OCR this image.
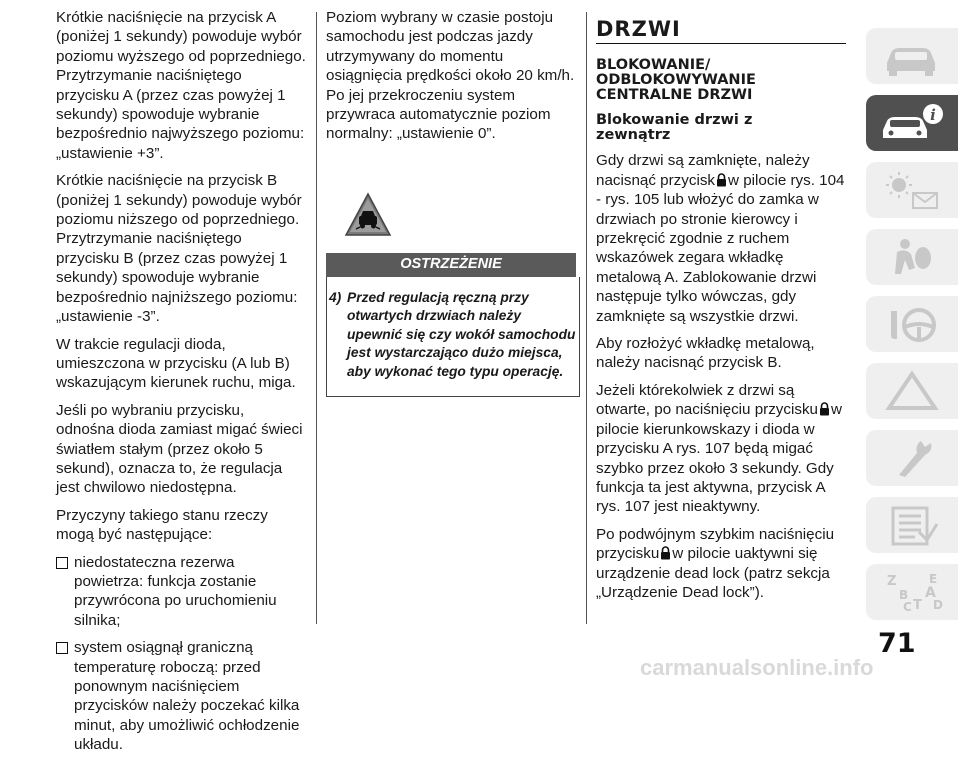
Krótkie naciśnięcie na przycisk A (poniżej 1 sekundy) powoduje wybór poziomu wyższego od poprzedniego. Przytrzymanie naciśniętego przycisku A (przez czas powyżej 1 sekundy) spowoduje wybranie bezpośrednio najwyższego poziomu: „ustawienie +3”.

Krótkie naciśnięcie na przycisk B (poniżej 1 sekundy) powoduje wybór poziomu niższego od poprzedniego. Przytrzymanie naciśniętego przycisku B (przez czas powyżej 1 sekundy) spowoduje wybranie bezpośrednio najniższego poziomu: „ustawienie -3”.

W trakcie regulacji dioda, umieszczona w przycisku (A lub B) wskazującym kierunek ruchu, miga.

Jeśli po wybraniu przycisku, odnośna dioda zamiast migać świeci światłem stałym (przez około 5 sekund), oznacza to, że regulacja jest chwilowo niedostępna.

Przyczyny takiego stanu rzeczy mogą być następujące:

niedostateczna rezerwa powietrza: funkcja zostanie przywrócona po uruchomieniu silnika;
system osiągnął graniczną temperaturę roboczą: przed ponownym naciśnięciem przycisków należy poczekać kilka minut, aby umożliwić ochłodzenie układu.

Poziom wybrany w czasie postoju samochodu jest podczas jazdy utrzymywany do momentu osiągnięcia prędkości około 20 km/h. Po jej przekroczeniu system przywraca automatycznie poziom normalny: „ustawienie 0”.

OSTRZEŻENIE
4) Przed regulacją ręczną przy otwartych drzwiach należy upewnić się czy wokół samochodu jest wystarczająco dużo miejsca, aby wykonać tego typu operację.
DRZWI
BLOKOWANIE/ ODBLOKOWYWANIE CENTRALNE DRZWI
Blokowanie drzwi z zewnątrz

Gdy drzwi są zamknięte, należy nacisnąć przycisk w pilocie rys. 104 - rys. 105 lub włożyć do zamka w drzwiach po stronie kierowcy i przekręcić zgodnie z ruchem wskazówek zegara wkładkę metalową A. Zablokowanie drzwi następuje tylko wówczas, gdy zamknięte są wszystkie drzwi.

Aby rozłożyć wkładkę metalową, należy nacisnąć przycisk B.

Jeżeli którekolwiek z drzwi są otwarte, po naciśnięciu przycisku w pilocie kierunkowskazy i dioda w przycisku A rys. 107 będą migać szybko przez około 3 sekundy. Gdy funkcja ta jest aktywna, przycisk A rys. 107 jest nieaktywny.

Po podwójnym szybkim naciśnięciu przycisku w pilocie uaktywni się urządzenie dead lock (patrz sekcja „Urządzenie Dead lock”).

i
Z
B
E
A
C T D
71
carmanualsonline.info
